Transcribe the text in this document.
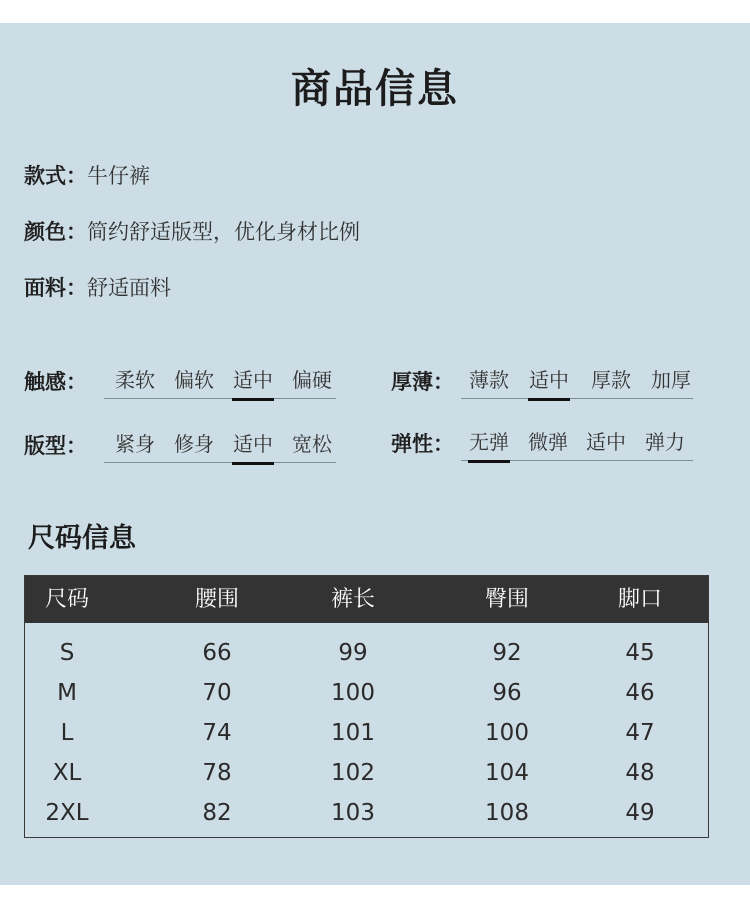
商品信息
款式：牛仔裤
颜色：简约舒适版型，优化身材比例
面料：舒适面料
触感： 柔软 偏软 适中 偏硬	厚薄： 薄款 适中 厚款 加厚
版型： 紧身 修身 适中 宽松	弹性： 无弹 微弹 适中 弹力
尺码信息
尺码	腰围	裤长	臀围	脚口
S	66	99	92	45
M	70	100	96	46
L	74	101	100	47
XL	78	102	104	48
2XL	82	103	108	49
